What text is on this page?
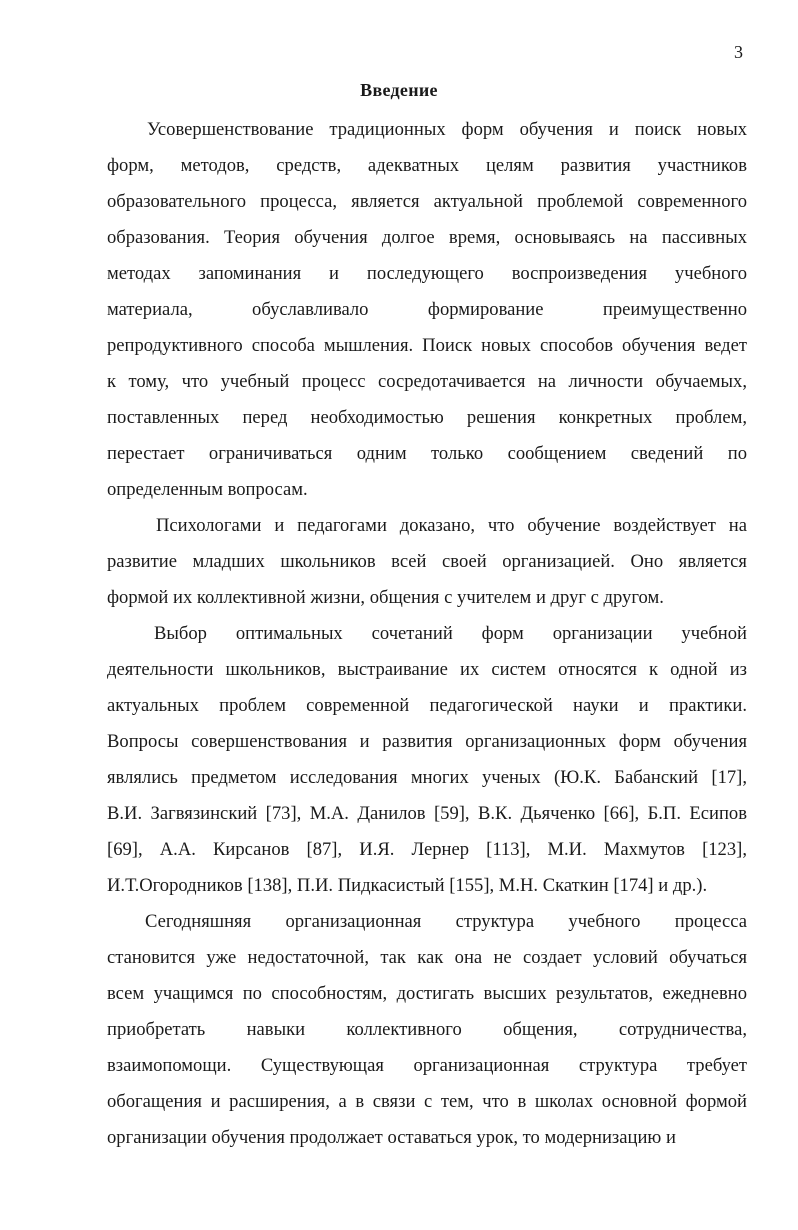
3
Введение
Усовершенствование традиционных форм обучения и поиск новых
форм, методов, средств, адекватных целям развития участников
образовательного процесса, является актуальной проблемой современного
образования. Теория обучения долгое время, основываясь на пассивных
методах запоминания и последующего воспроизведения учебного
материала, обуславливало формирование преимущественно
репродуктивного способа мышления. Поиск новых способов обучения ведет
к тому, что учебный процесс сосредотачивается на личности обучаемых,
поставленных перед необходимостью решения конкретных проблем,
перестает ограничиваться одним только сообщением сведений по
определенным вопросам.
Психологами и педагогами доказано, что обучение воздействует на
развитие младших школьников всей своей организацией. Оно является
формой их коллективной жизни, общения с учителем и друг с другом.
Выбор оптимальных сочетаний форм организации учебной
деятельности школьников, выстраивание их систем относятся к одной из
актуальных проблем современной педагогической науки и практики.
Вопросы совершенствования и развития организационных форм обучения
являлись предметом исследования многих ученых (Ю.К. Бабанский [17],
В.И. Загвязинский [73], М.А. Данилов [59], В.К. Дьяченко [66], Б.П. Есипов
[69], А.А. Кирсанов [87], И.Я. Лернер [113], М.И. Махмутов [123],
И.Т.Огородников [138], П.И. Пидкасистый [155], М.Н. Скаткин [174] и др.).
Сегодняшняя организационная структура учебного процесса
становится уже недостаточной, так как она не создает условий обучаться
всем учащимся по способностям, достигать высших результатов, ежедневно
приобретать навыки коллективного общения, сотрудничества,
взаимопомощи. Существующая организационная структура требует
обогащения и расширения, а в связи с тем, что в школах основной формой
организации обучения продолжает оставаться урок, то модернизацию и
